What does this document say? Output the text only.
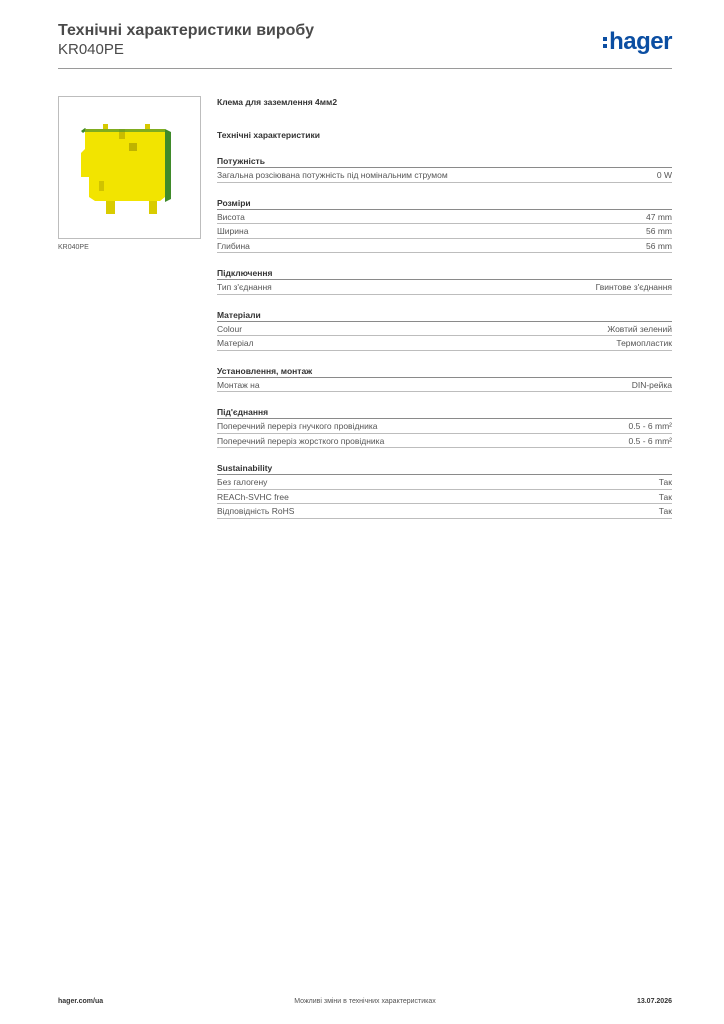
Технічні характеристики виробу
KR040PE	hager
KR040PE
Клема для заземлення 4мм2
Технічні характеристики
Потужність
Загальна розсіювана потужність під номінальним струмом	0 W
Розміри
Висота	47 mm
Ширина	56 mm
Глибина	56 mm
Підключення
Тип з'єднання	Гвинтове з'єднання
Матеріали
Colour	Жовтий зелений
Матеріал	Термопластик
Установлення, монтаж
Монтаж на	DIN-рейка
Під'єднання
Поперечний переріз гнучкого провідника	0.5 - 6 mm²
Поперечний переріз жорсткого провідника	0.5 - 6 mm²
Sustainability
Без галогену	Так
REACh-SVHC free	Так
Відповідність RoHS	Так
hager.com/ua	Можливі зміни в технічних характеристиках	13.07.2026
